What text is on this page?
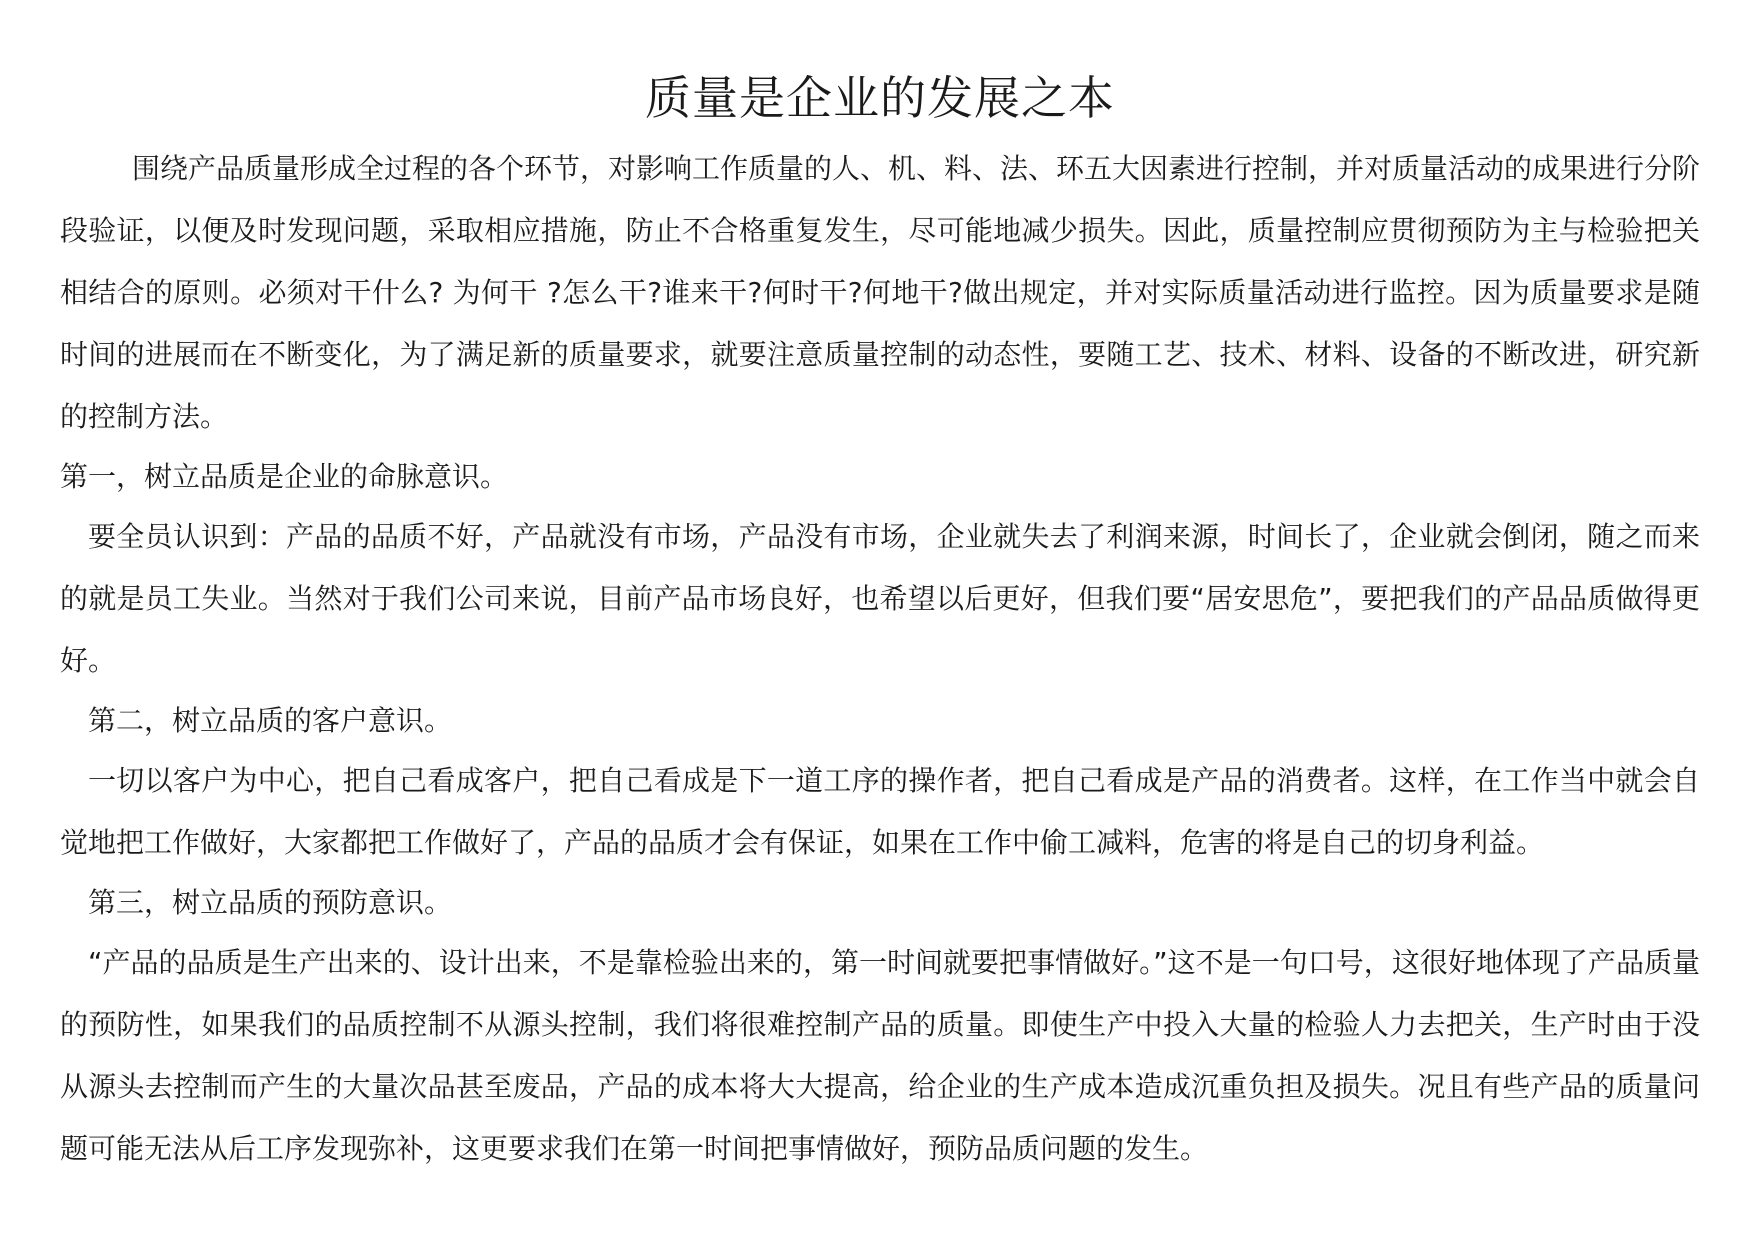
质量是企业的发展之本

围绕产品质量形成全过程的各个环节，对影响工作质量的人、机、料、法、环五大因素进行控制，并对质量活动的成果进行分阶段验证，以便及时发现问题，采取相应措施，防止不合格重复发生，尽可能地减少损失。因此，质量控制应贯彻预防为主与检验把关相结合的原则。必须对干什么? 为何干 ?怎么干?谁来干?何时干?何地干?做出规定，并对实际质量活动进行监控。因为质量要求是随时间的进展而在不断变化，为了满足新的质量要求，就要注意质量控制的动态性，要随工艺、技术、材料、设备的不断改进，研究新的控制方法。

第一，树立品质是企业的命脉意识。

要全员认识到：产品的品质不好，产品就没有市场，产品没有市场，企业就失去了利润来源，时间长了，企业就会倒闭，随之而来的就是员工失业。当然对于我们公司来说，目前产品市场良好，也希望以后更好，但我们要“居安思危”，要把我们的产品品质做得更好。

第二，树立品质的客户意识。

一切以客户为中心，把自己看成客户，把自己看成是下一道工序的操作者，把自己看成是产品的消费者。这样，在工作当中就会自觉地把工作做好，大家都把工作做好了，产品的品质才会有保证，如果在工作中偷工减料，危害的将是自己的切身利益。

第三，树立品质的预防意识。

“产品的品质是生产出来的、设计出来，不是靠检验出来的，第一时间就要把事情做好。”这不是一句口号，这很好地体现了产品质量的预防性，如果我们的品质控制不从源头控制，我们将很难控制产品的质量。即使生产中投入大量的检验人力去把关，生产时由于没从源头去控制而产生的大量次品甚至废品，产品的成本将大大提高，给企业的生产成本造成沉重负担及损失。况且有些产品的质量问题可能无法从后工序发现弥补，这更要求我们在第一时间把事情做好，预防品质问题的发生。
